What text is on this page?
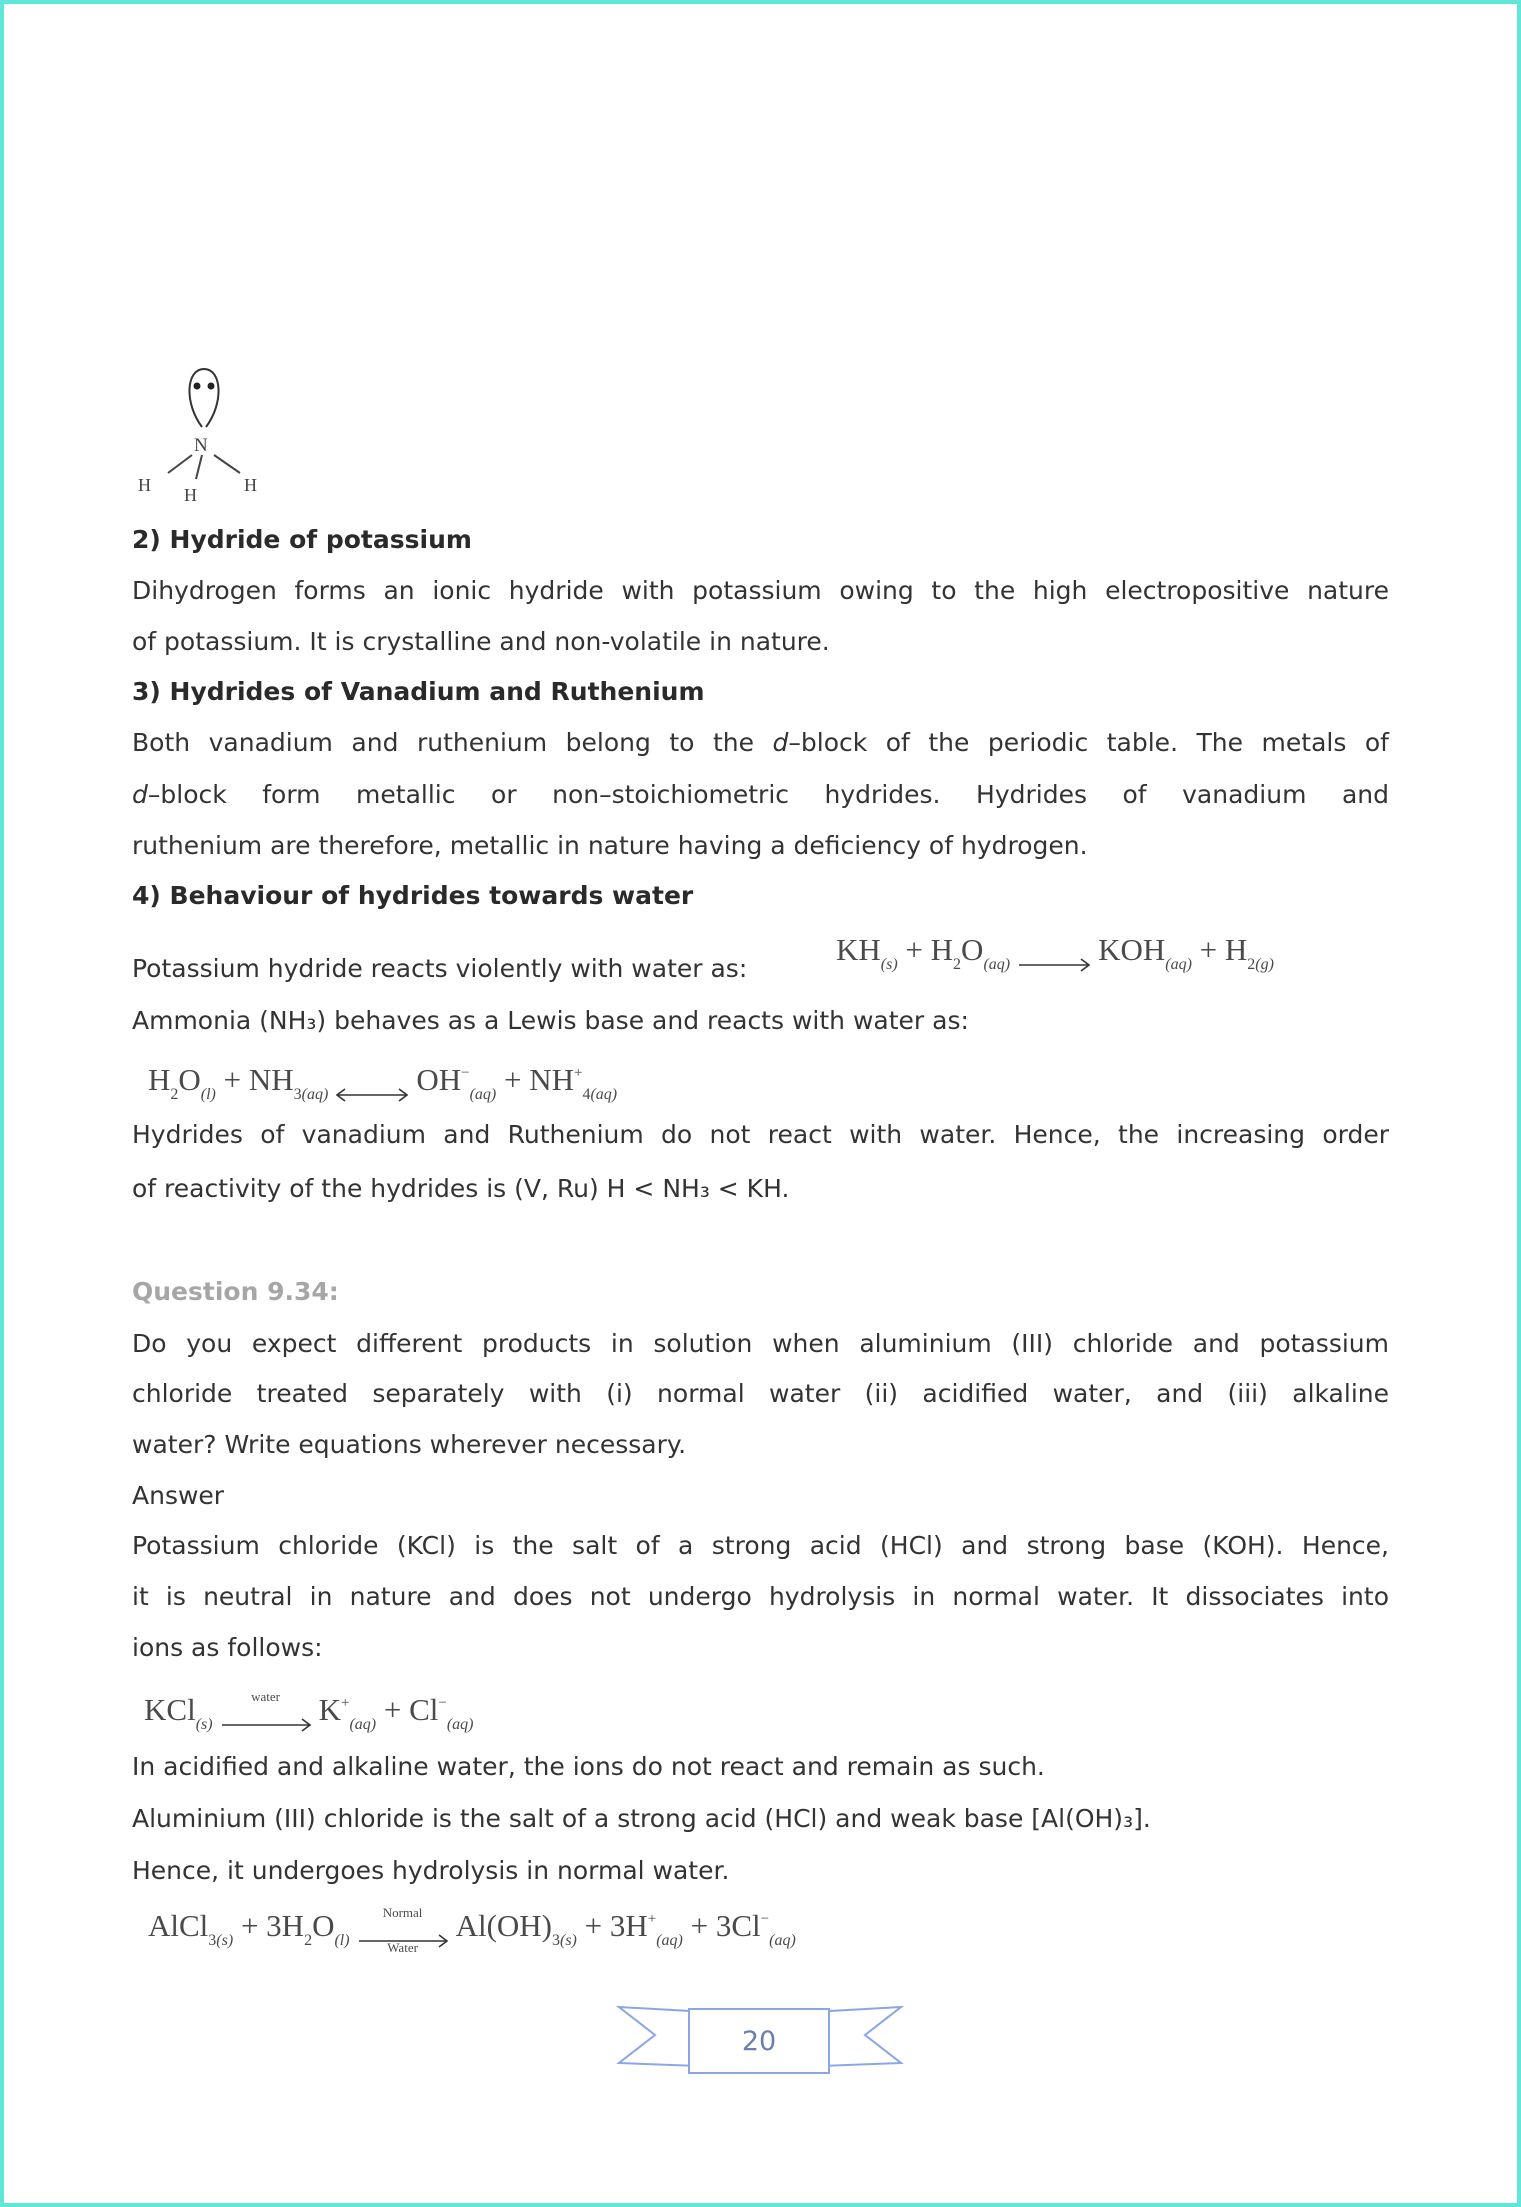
N
H H	H
2) Hydride of potassium
Dihydrogen forms an ionic hydride with potassium owing to the high electropositive nature
of potassium. It is crystalline and non-volatile in nature.
3) Hydrides of Vanadium and Ruthenium
Both vanadium and ruthenium belong to the d–block of the periodic table. The metals of
d–block form metallic or non–stoichiometric hydrides. Hydrides of vanadium and
ruthenium are therefore, metallic in nature having a deficiency of hydrogen.
4) Behaviour of hydrides towards water
Potassium hydride reacts violently with water as:
Ammonia (NH₃) behaves as a Lewis base and reacts with water as:
Hydrides of vanadium and Ruthenium do not react with water. Hence, the increasing order
of reactivity of the hydrides is (V, Ru) H < NH₃ < KH.
Question 9.34:
Do you expect different products in solution when aluminium (III) chloride and potassium
chloride treated separately with (i) normal water (ii) acidified water, and (iii) alkaline
water? Write equations wherever necessary.
Answer
Potassium chloride (KCl) is the salt of a strong acid (HCl) and strong base (KOH). Hence,
it is neutral in nature and does not undergo hydrolysis in normal water. It dissociates into
ions as follows:
In acidified and alkaline water, the ions do not react and remain as such.
Aluminium (III) chloride is the salt of a strong acid (HCl) and weak base [Al(OH)₃].
Hence, it undergoes hydrolysis in normal water.
$KH_{(s)} + H_2O_{(aq)} \to KOH_{(aq)} + H_{2(g)}$
$H_2O_{(l)} + NH_{3(aq)}$	$OH^-_{(aq)} + NH^+_{4(aq)}$
KCl$_{(s)}$
water	$K^+_{(aq)} + Cl^-_{(aq)}$
AlCl$_{3(s)}$ + $3H_2O_{(l)}$
Normal
Water
$Al(OH)_{3(s)} + 3H^+_{(aq)} + 3Cl^-_{(aq)}$
20
